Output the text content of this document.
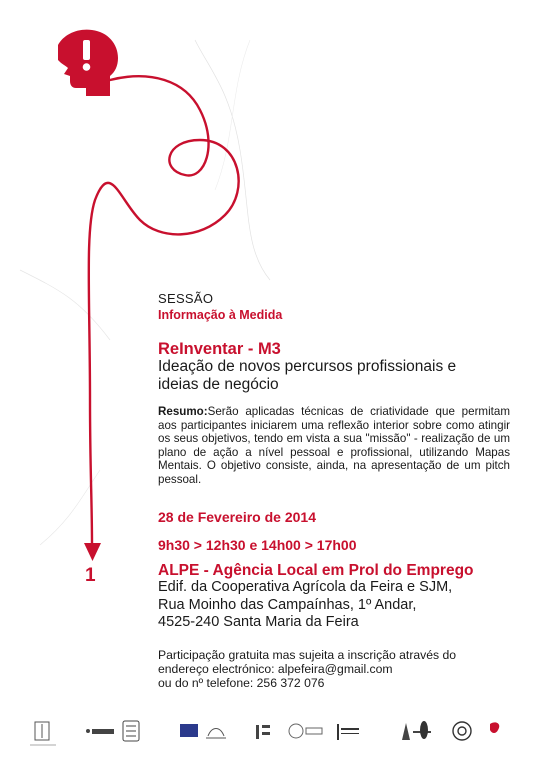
1
SESSÃO
Informação à Medida
ReInventar - M3
Ideação de novos percursos profissionais e
ideias de negócio
Resumo:Serão aplicadas técnicas de criatividade que permitam aos participantes iniciarem uma reflexão interior sobre como atingir os seus objetivos, tendo em vista a sua "missão" - realização de um plano de ação a nível pessoal e profissional, utilizando Mapas Mentais. O objetivo consiste, ainda, na apresentação de um pitch pessoal.
28 de Fevereiro de 2014
9h30 > 12h30 e 14h00 > 17h00
ALPE - Agência Local em Prol do Emprego
Edif. da Cooperativa Agrícola da Feira e SJM,
Rua Moinho das Campaínhas, 1º Andar,
4525-240 Santa Maria da Feira
Participação gratuita mas sujeita a inscrição através do
endereço electrónico: alpefeira@gmail.com
ou do nº telefone: 256 372 076
